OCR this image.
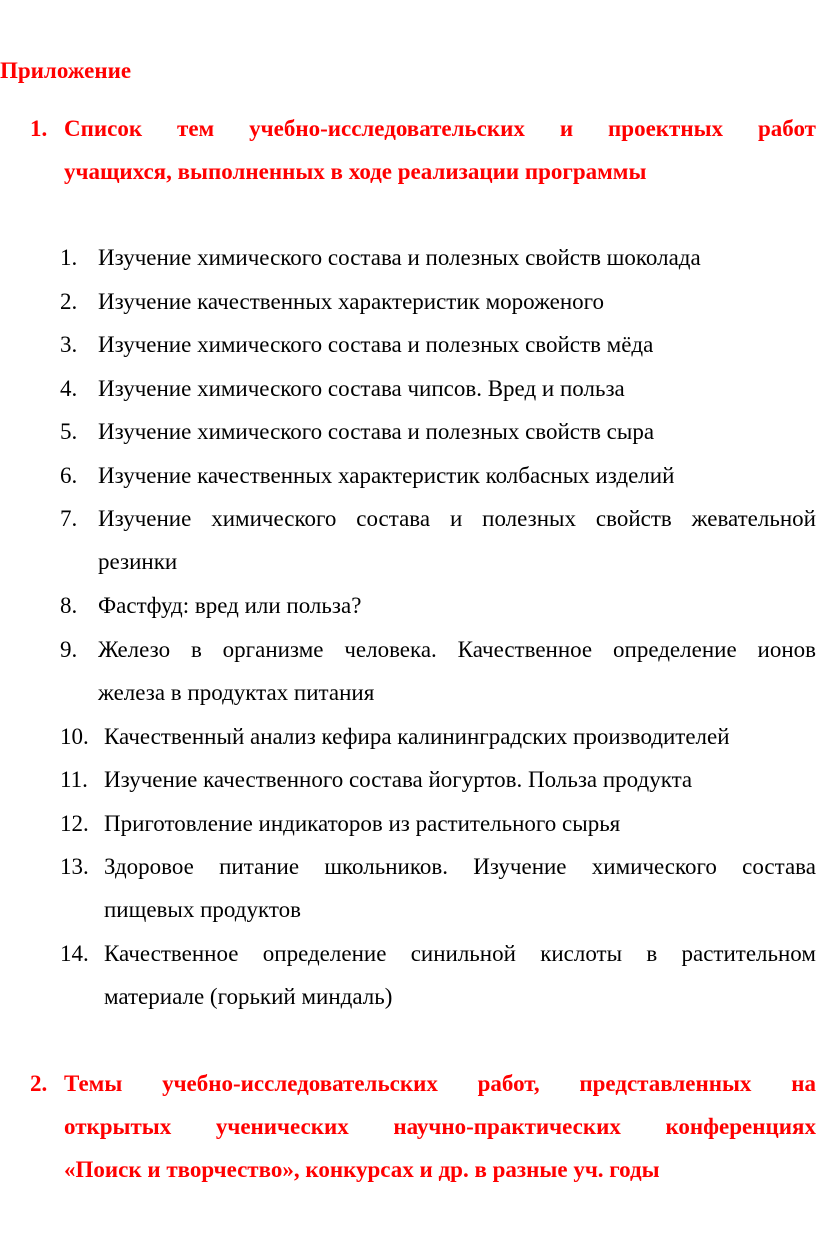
Приложение
1. Список тем учебно-исследовательских и проектных работ
учащихся, выполненных в ходе реализации программы
1. Изучение химического состава и полезных свойств шоколада
2. Изучение качественных характеристик мороженого
3. Изучение химического состава и полезных свойств мёда
4. Изучение химического состава чипсов. Вред и польза
5. Изучение химического состава и полезных свойств сыра
6. Изучение качественных характеристик колбасных изделий
7. Изучение химического состава и полезных свойств жевательной
резинки
8. Фастфуд: вред или польза?
9. Железо в организме человека. Качественное определение ионов
железа в продуктах питания
10. Качественный анализ кефира калининградских производителей
11. Изучение качественного состава йогуртов. Польза продукта
12. Приготовление индикаторов из растительного сырья
13. Здоровое питание школьников. Изучение химического состава
пищевых продуктов
14. Качественное определение синильной кислоты в растительном
материале (горький миндаль)
2. Темы учебно-исследовательских работ, представленных на
открытых ученических научно-практических конференциях
«Поиск и творчество», конкурсах и др. в разные уч. годы
